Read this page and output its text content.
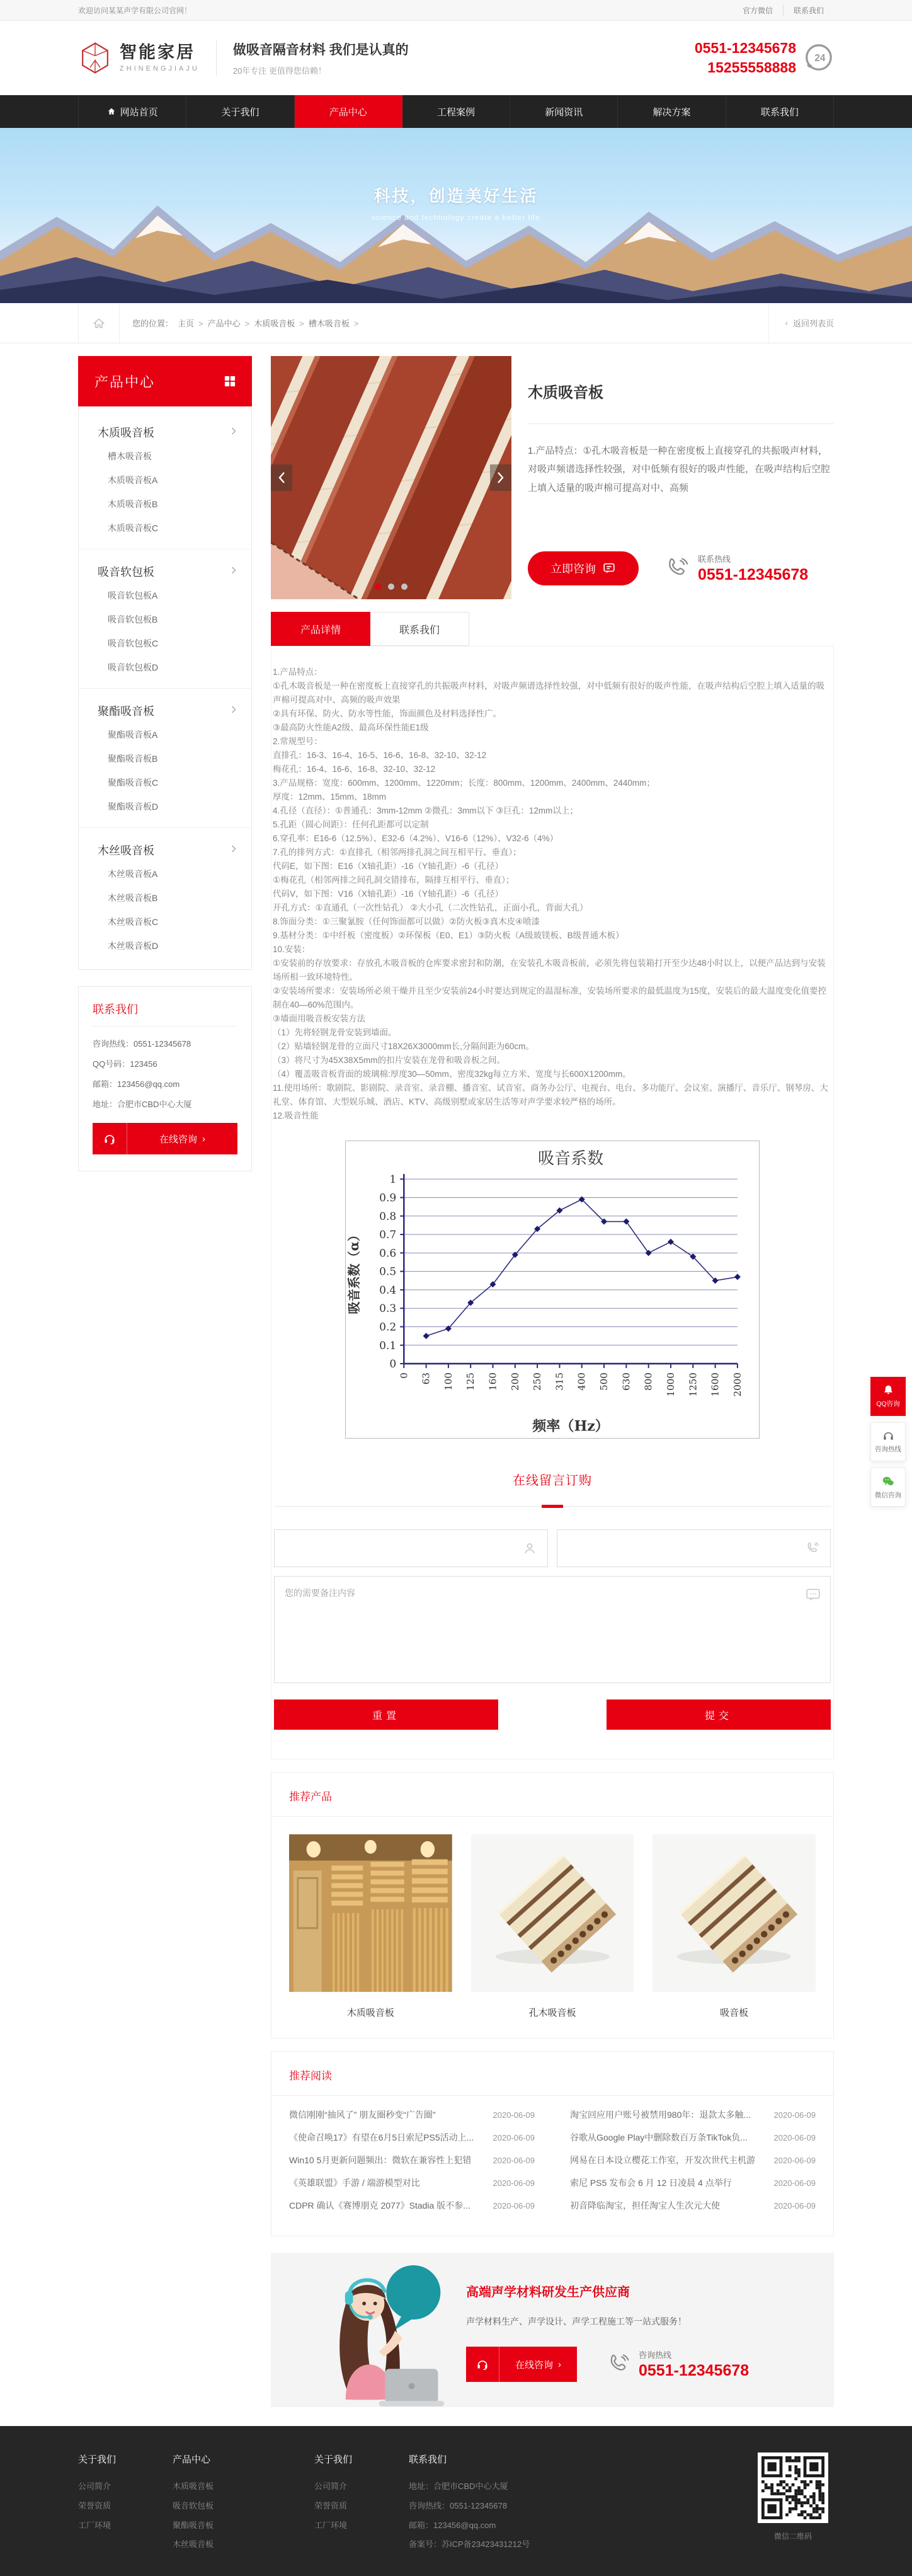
欢迎访问某某声学有限公司官网！	官方微信	联系我们
智能家居
ZHINENGJIAJU
做吸音隔音材料 我们是认真的
20年专注 更值得您信赖！
0551-12345678
15255558888
24
网站首页	关于我们	产品中心	工程案例	新闻资讯	解决方案	联系我们
科技，创造美好生活
science and technology create a better life
您的位置： 主页 > 产品中心 > 木质吸音板 > 槽木吸音板 >	‹ 返回列表页
产品中心
木质吸音板
槽木吸音板
木质吸音板A
木质吸音板B
木质吸音板C
吸音软包板
吸音软包板A
吸音软包板B
吸音软包板C
吸音软包板D
聚酯吸音板
聚酯吸音板A
聚酯吸音板B
聚酯吸音板C
聚酯吸音板D
木丝吸音板
木丝吸音板A
木丝吸音板B
木丝吸音板C
木丝吸音板D
联系我们
咨询热线：0551-12345678
QQ号码：123456
邮箱：123456@qq.com
地址：合肥市CBD中心大厦
在线咨询 ›
木质吸音板
1.产品特点：①孔木吸音板是一种在密度板上直接穿孔的共振吸声材料，对吸声频谱选择性较强，对中低频有很好的吸声性能，在吸声结构后空腔上填入适量的吸声棉可提高对中、高频
立即咨询
联系热线
0551-12345678
产品详情	联系我们

1.产品特点：

①孔木吸音板是一种在密度板上直接穿孔的共振吸声材料，对吸声频谱选择性较强，对中低频有很好的吸声性能，在吸声结构后空腔上填入适量的吸声棉可提高对中、高频的吸声效果

②具有环保、防火、防水等性能，饰面颜色及材料选择性广。

③最高防火性能A2级、最高环保性能E1级

2.常规型号：

直排孔：16-3、16-4、16-5、16-6、16-8、32-10、32-12

梅花孔：16-4、16-6、16-8、32-10、32-12

3.产品规格：宽度：600mm、1200mm、1220mm；长度：800mm、1200mm、2400mm、2440mm；

厚度：12mm、15mm、18mm

4.孔径（直径）：①普通孔：3mm-12mm ②微孔：3mm以下 ③巨孔：12mm以上；

5.孔距（圆心间距）：任何孔距都可以定制

6.穿孔率：E16-6（12.5%）、E32-6（4.2%）、V16-6（12%）、V32-6（4%）

7.孔的排列方式：①直排孔（相邻两排孔洞之间互相平行、垂直）；

代码E，如下图：E16（X轴孔距）-16（Y轴孔距）-6（孔径）

①梅花孔（相邻两排之间孔洞交错排布，隔排互相平行、垂直）；

代码V，如下图：V16（X轴孔距）-16（Y轴孔距）-6（孔径）

开孔方式：①直通孔（一次性钻孔） ②大小孔（二次性钻孔，正面小孔，背面大孔）

8.饰面分类：①三聚氰胺（任何饰面都可以做）②防火板③真木皮④喷漆

9.基材分类：①中纤板（密度板）②环保板（E0、E1）③防火板（A级玻镁板、B级普通木板）

10.安装：

①安装前的存放要求：存放孔木吸音板的仓库要求密封和防潮，在安装孔木吸音板前，必须先将包装箱打开至少达48小时以上，以便产品达到与安装场所相一致环境特性。

②安装场所要求：安装场所必须干燥并且至少安装前24小时要达到规定的温湿标准，安装场所要求的最低温度为15度，安装后的最大温度变化值要控制在40—60%范围内。

③墙面用吸音板安装方法

（1）先将轻钢龙骨安装到墙面。

（2）贴墙轻钢龙骨的立面尺寸18X26X3000mm长,分隔间距为60cm。

（3）将尺寸为45X38X5mm的扣片安装在龙骨和吸音板之间。

（4）覆盖吸音板背面的玻璃棉:厚度30—50mm、密度32kg每立方米、宽度与长600X1200mm。

11.使用场所：歌剧院、影剧院、录音室、录音棚、播音室、试音室、商务办公厅、电视台、电台、多功能厅、会议室、演播厅、音乐厅、钢琴房、大礼堂、体育馆、大型娱乐城、酒店、KTV、高级别墅或家居生活等对声学要求较严格的场所。

12.吸音性能

吸音系数
0
0.1
0.2
0.3
0.4
0.5
0.6
0.7
0.8
0.9
1
0 63 100 125 160 200 250 315 400 500 630 800 1000 1250 1600 2000
频率（Hz）
吸音系数（α）
在线留言订购
您的需要备注内容
重置	提交
推荐产品
木质吸音板	孔木吸音板	吸音板
推荐阅读
微信刚刚“抽风了” 朋友圈秒变“广告圈”	2020-06-09
《使命召唤17》有望在6月5日索尼PS5活动上...	2020-06-09
Win10 5月更新问题频出：微软在兼容性上犯错	2020-06-09
《英雄联盟》手游 / 端游模型对比	2020-06-09
CDPR 确认《赛博朋克 2077》Stadia 版不参...	2020-06-09
淘宝回应用户账号被禁用980年：退款太多触...	2020-06-09
谷歌从Google Play中删除数百万条TikTok负...	2020-06-09
网易在日本设立樱花工作室，开发次世代主机游	2020-06-09
索尼 PS5 发布会 6 月 12 日凌晨 4 点举行	2020-06-09
初音降临淘宝，担任淘宝人生次元大使	2020-06-09
高端声学材料研发生产供应商
声学材料生产、声学设计、声学工程施工等一站式服务！
在线咨询 ›
咨询热线
0551-12345678
关于我们
公司简介
荣誉资质
工厂环境
产品中心
木质吸音板
吸音软包板
聚酯吸音板
木丝吸音板
关于我们
公司简介
荣誉资质
工厂环境
联系我们
地址：合肥市CBD中心大厦
咨询热线：0551-12345678
邮箱：123456@qq.com
备案号：苏ICP备23423431212号
微信二维码
QQ咨询
咨询热线
微信咨询
